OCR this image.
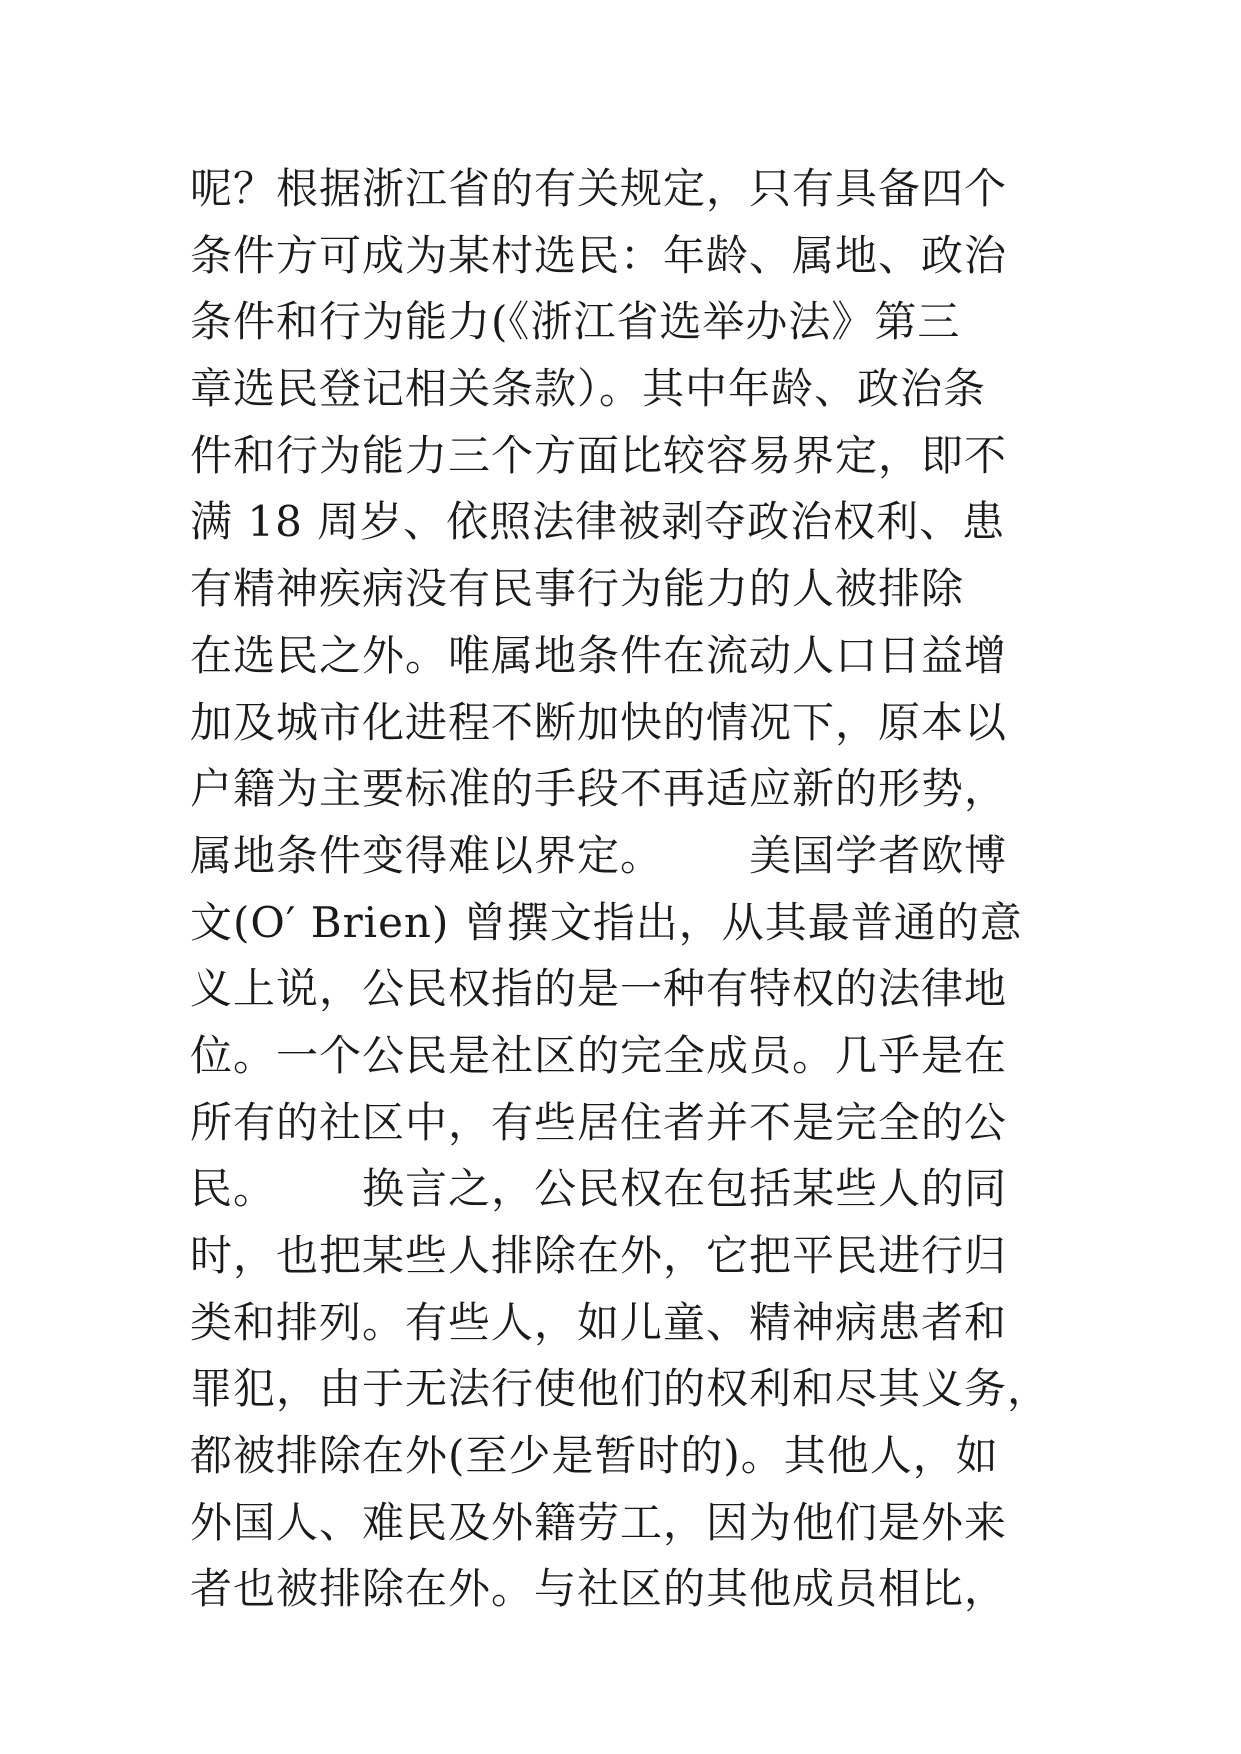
呢？根据浙江省的有关规定，只有具备四个
条件方可成为某村选民：年龄、属地、政治
条件和行为能力(《浙江省选举办法》第三
章选民登记相关条款）。其中年龄、政治条
件和行为能力三个方面比较容易界定，即不
满 18 周岁、依照法律被剥夺政治权利、患
有精神疾病没有民事行为能力的人被排除
在选民之外。唯属地条件在流动人口日益增
加及城市化进程不断加快的情况下，原本以
户籍为主要标准的手段不再适应新的形势，
属地条件变得难以界定。      美国学者欧博
文(O′ Brien) 曾撰文指出，从其最普通的意
义上说，公民权指的是一种有特权的法律地
位。一个公民是社区的完全成员。几乎是在
所有的社区中，有些居住者并不是完全的公
民。      换言之，公民权在包括某些人的同
时，也把某些人排除在外，它把平民进行归
类和排列。有些人，如儿童、精神病患者和
罪犯，由于无法行使他们的权利和尽其义务，
都被排除在外(至少是暂时的)。其他人，如
外国人、难民及外籍劳工，因为他们是外来
者也被排除在外。与社区的其他成员相比，
